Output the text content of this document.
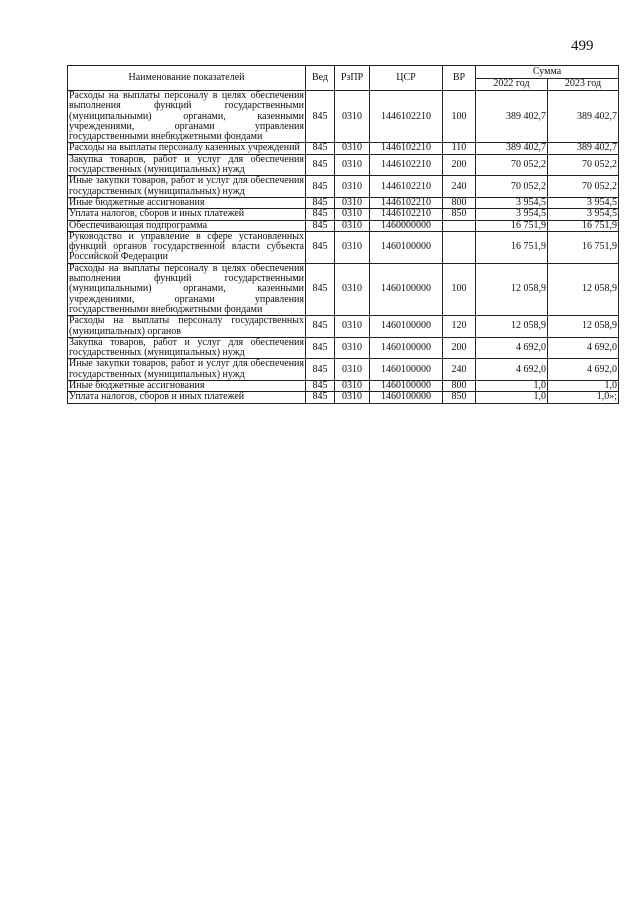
499
Наименование показателей	Вед	РзПР	ЦСР	ВР	Сумма	
					2022 год	2023 год
Расходы на выплаты персоналу в целях обеспечения выполнения функций государственными (муниципальными) органами, казенными учреждениями, органами управления государственными внебюджетными фондами	845	0310	1446102210	100	389 402,7	389 402,7
Расходы на выплаты персоналу казенных учреждений	845	0310	1446102210	110	389 402,7	389 402,7
Закупка товаров, работ и услуг для обеспечения государственных (муниципальных) нужд	845	0310	1446102210	200	70 052,2	70 052,2
Иные закупки товаров, работ и услуг для обеспечения государственных (муниципальных) нужд	845	0310	1446102210	240	70 052,2	70 052,2
Иные бюджетные ассигнования	845	0310	1446102210	800	3 954,5	3 954,5
Уплата налогов, сборов и иных платежей	845	0310	1446102210	850	3 954,5	3 954,5
Обеспечивающая подпрограмма	845	0310	1460000000		16 751,9	16 751,9
Руководство и управление в сфере установленных функций органов государственной власти субъекта Российской Федерации	845	0310	1460100000		16 751,9	16 751,9
Расходы на выплаты персоналу в целях обеспечения выполнения функций государственными (муниципальными) органами, казенными учреждениями, органами управления государственными внебюджетными фондами	845	0310	1460100000	100	12 058,9	12 058,9
Расходы на выплаты персоналу государственных (муниципальных) органов	845	0310	1460100000	120	12 058,9	12 058,9
Закупка товаров, работ и услуг для обеспечения государственных (муниципальных) нужд	845	0310	1460100000	200	4 692,0	4 692,0
Иные закупки товаров, работ и услуг для обеспечения государственных (муниципальных) нужд	845	0310	1460100000	240	4 692,0	4 692,0
Иные бюджетные ассигнования	845	0310	1460100000	800	1,0	1,0
Уплата налогов, сборов и иных платежей	845	0310	1460100000	850	1,0	1,0»;
